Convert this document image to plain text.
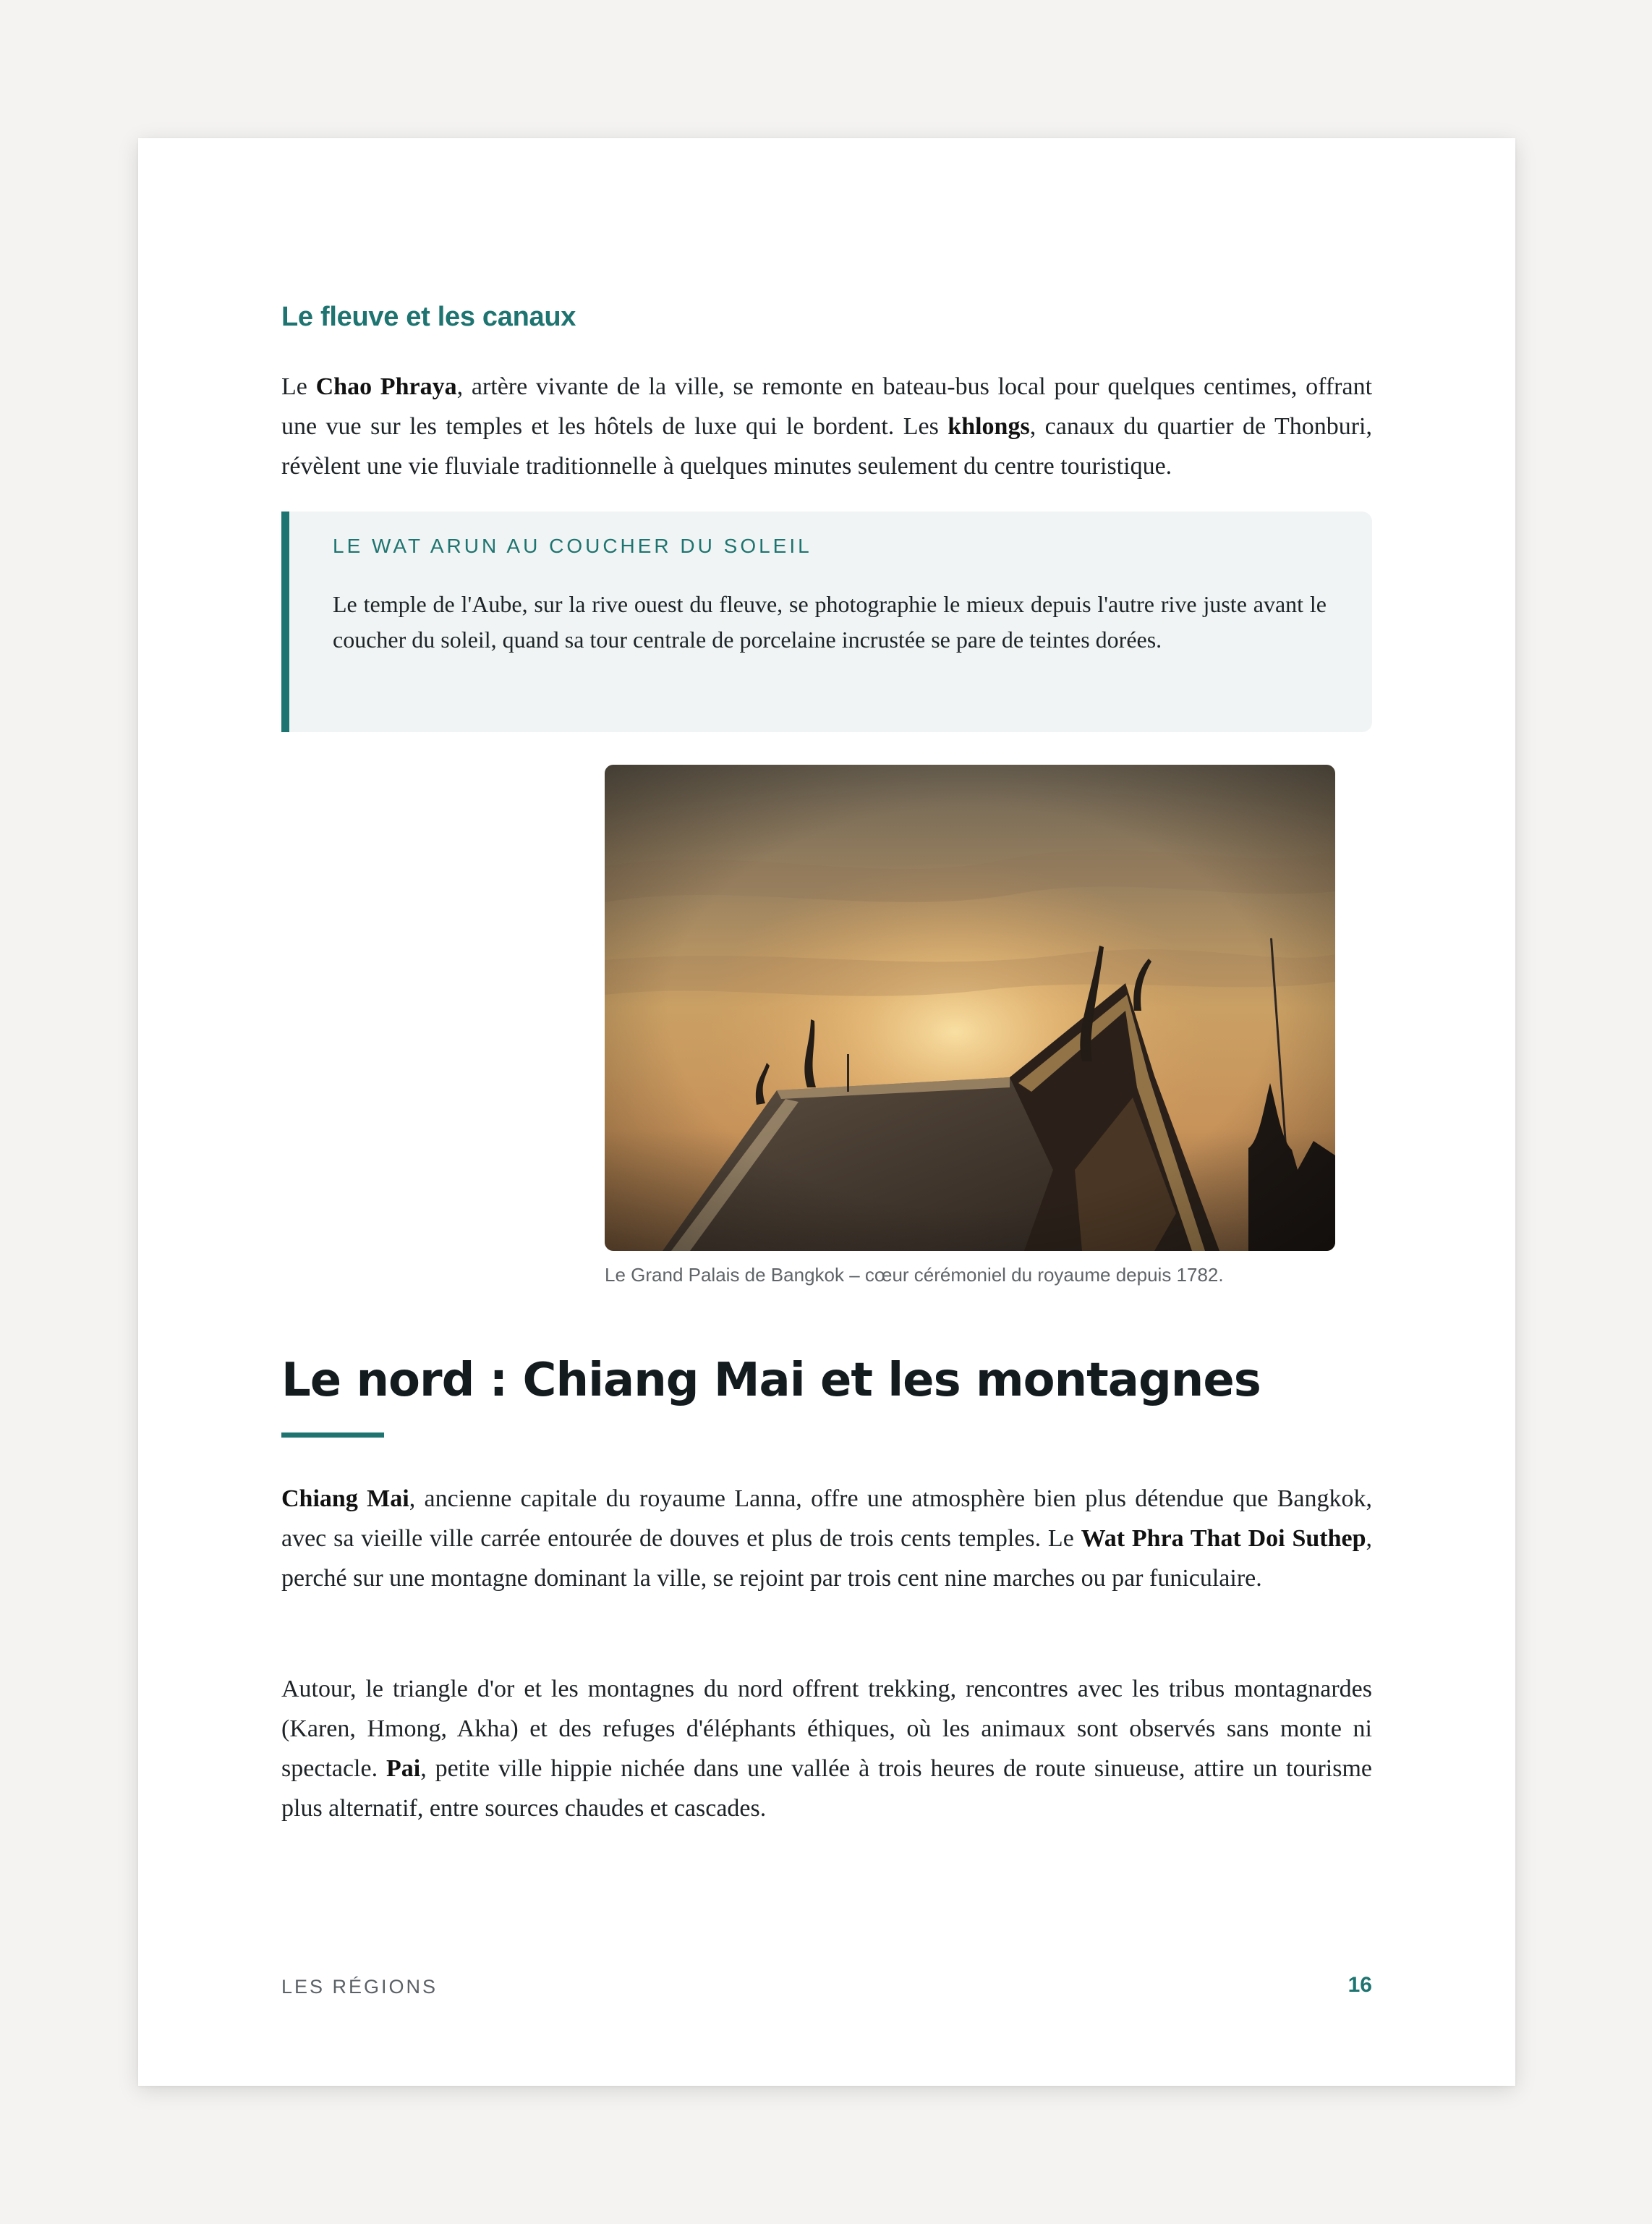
Le fleuve et les canaux

Le Chao Phraya, artère vivante de la ville, se remonte en bateau-bus local pour quelques centimes, offrant une vue sur les temples et les hôtels de luxe qui le bordent. Les khlongs, canaux du quartier de Thonburi, révèlent une vie fluviale traditionnelle à quelques minutes seulement du centre touristique.

LE WAT ARUN AU COUCHER DU SOLEIL

Le temple de l'Aube, sur la rive ouest du fleuve, se photographie le mieux depuis l'autre rive juste avant le coucher du soleil, quand sa tour centrale de porcelaine incrustée se pare de teintes dorées.

Le Grand Palais de Bangkok – cœur cérémoniel du royaume depuis 1782.
Le nord : Chiang Mai et les montagnes

Chiang Mai, ancienne capitale du royaume Lanna, offre une atmosphère bien plus détendue que Bangkok, avec sa vieille ville carrée entourée de douves et plus de trois cents temples. Le Wat Phra That Doi Suthep, perché sur une montagne dominant la ville, se rejoint par trois cent nine marches ou par funiculaire.

Autour, le triangle d'or et les montagnes du nord offrent trekking, rencontres avec les tribus montagnardes (Karen, Hmong, Akha) et des refuges d'éléphants éthiques, où les animaux sont observés sans monte ni spectacle. Pai, petite ville hippie nichée dans une vallée à trois heures de route sinueuse, attire un tourisme plus alternatif, entre sources chaudes et cascades.

LES RÉGIONS	16
